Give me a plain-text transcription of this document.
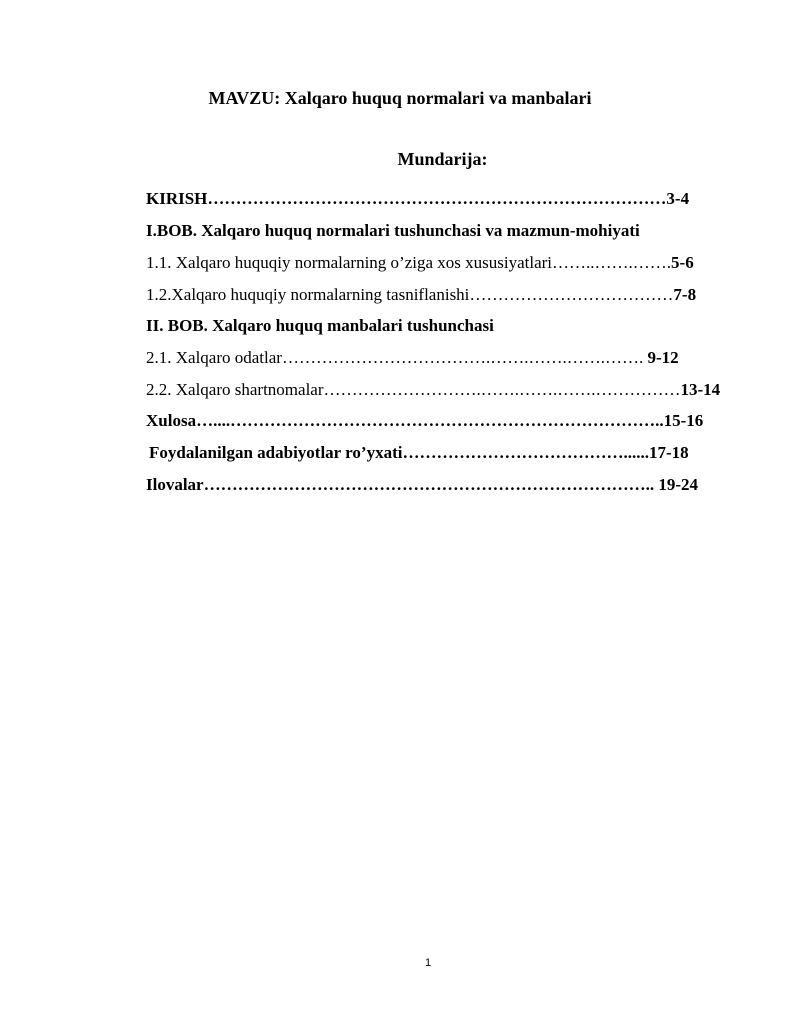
MAVZU: Xalqaro huquq normalari va manbalari
Mundarija:
KIRISH………………………………………………………………………3-4
I.BOB. Xalqaro huquq normalari tushunchasi va mazmun-mohiyati
1.1. Xalqaro huquqiy normalarning o’ziga xos xususiyatlari……..…….…….5-6
1.2.Xalqaro huquqiy normalarning tasniflanishi………………………………7-8
II. BOB. Xalqaro huquq manbalari tushunchasi
2.1. Xalqaro odatlar……………………………….…….…….…….……. 9-12
2.2. Xalqaro shartnomalar……………………….…….…….…….……………13-14
Xulosa…....…………………………………………………………………..15-16
Foydalanilgan adabiyotlar ro’yxati…………………………………......17-18
Ilovalar…………………………………………………………………….. 19-24
1
